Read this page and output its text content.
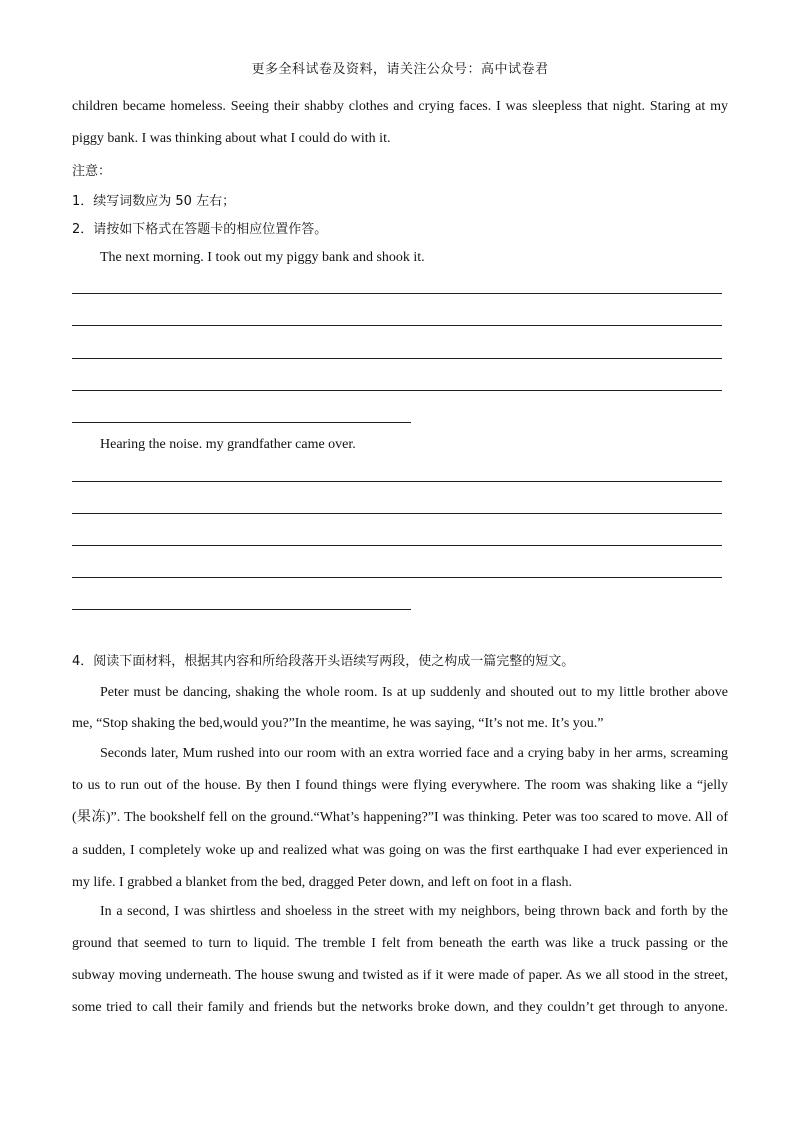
更多全科试卷及资料，请关注公众号：高中试卷君
children became homeless. Seeing their shabby clothes and crying faces. I was sleepless that night. Staring at my
piggy bank. I was thinking about what I could do with it.
注意：
1．续写词数应为 50 左右；
2．请按如下格式在答题卡的相应位置作答。
The next morning. I took out my piggy bank and shook it.
Hearing the noise. my grandfather came over.
4．阅读下面材料，根据其内容和所给段落开头语续写两段，使之构成一篇完整的短文。
Peter must be dancing, shaking the whole room. Is at up suddenly and shouted out to my little brother above
me, “Stop shaking the bed,would you?”In the meantime, he was saying, “It’s not me. It’s you.”
Seconds later, Mum rushed into our room with an extra worried face and a crying baby in her arms, screaming
to us to run out of the house. By then I found things were flying everywhere. The room was shaking like a “jelly
(果冻)”. The bookshelf fell on the ground.“What’s happening?”I was thinking. Peter was too scared to move. All of
a sudden, I completely woke up and realized what was going on was the first earthquake I had ever experienced in
my life. I grabbed a blanket from the bed, dragged Peter down, and left on foot in a flash.
In a second, I was shirtless and shoeless in the street with my neighbors, being thrown back and forth by the
ground that seemed to turn to liquid. The tremble I felt from beneath the earth was like a truck passing or the
subway moving underneath. The house swung and twisted as if it were made of paper. As we all stood in the street,
some tried to call their family and friends but the networks broke down, and they couldn’t get through to anyone.
